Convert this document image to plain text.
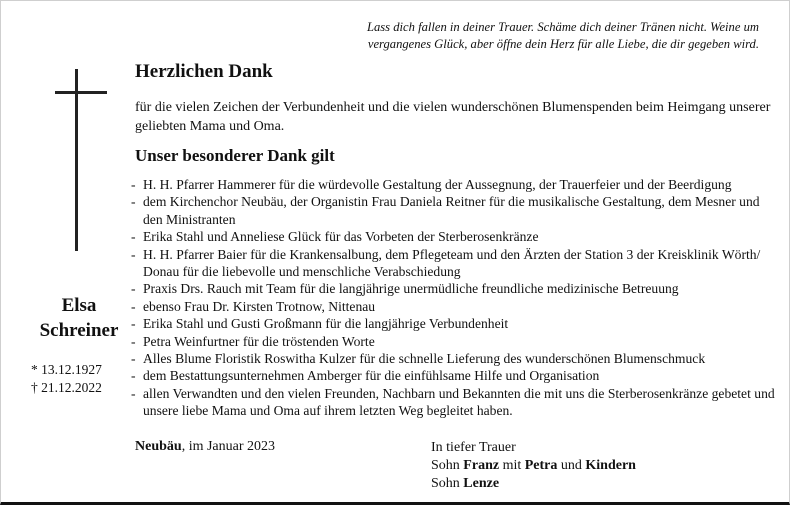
Lass dich fallen in deiner Trauer. Schäme dich deiner Tränen nicht. Weine um vergangenes Glück, aber öffne dein Herz für alle Liebe, die dir gegeben wird.
Elsa
Schreiner
* 13.12.1927
† 21.12.2022
Herzlichen Dank
für die vielen Zeichen der Verbundenheit und die vielen wunderschönen Blumenspenden beim Heimgang unserer geliebten Mama und Oma.
Unser besonderer Dank gilt
- H. H. Pfarrer Hammerer für die würdevolle Gestaltung der Aussegnung, der Trauerfeier und der Beerdigung
- dem Kirchenchor Neubäu, der Organistin Frau Daniela Reitner für die musikalische Gestaltung, dem Mesner und den Ministranten
- Erika Stahl und Anneliese Glück für das Vorbeten der Sterberosenkränze
- H. H. Pfarrer Baier für die Krankensalbung, dem Pflegeteam und den Ärzten der Station 3 der Kreisklinik Wörth/ Donau für die liebevolle und menschliche Verabschiedung
- Praxis Drs. Rauch mit Team für die langjährige unermüdliche freundliche medizinische Betreuung
- ebenso Frau Dr. Kirsten Trotnow, Nittenau
- Erika Stahl und Gusti Großmann für die langjährige Verbundenheit
- Petra Weinfurtner für die tröstenden Worte
- Alles Blume Floristik Roswitha Kulzer für die schnelle Lieferung des wunderschönen Blumenschmuck
- dem Bestattungsunternehmen Amberger für die einfühlsame Hilfe und Organisation
- allen Verwandten und den vielen Freunden, Nachbarn und Bekannten die mit uns die Sterberosenkränze gebetet und unsere liebe Mama und Oma auf ihrem letzten Weg begleitet haben.
Neubäu, im Januar 2023	In tiefer Trauer
Sohn Franz mit Petra und Kindern
Sohn Lenze
